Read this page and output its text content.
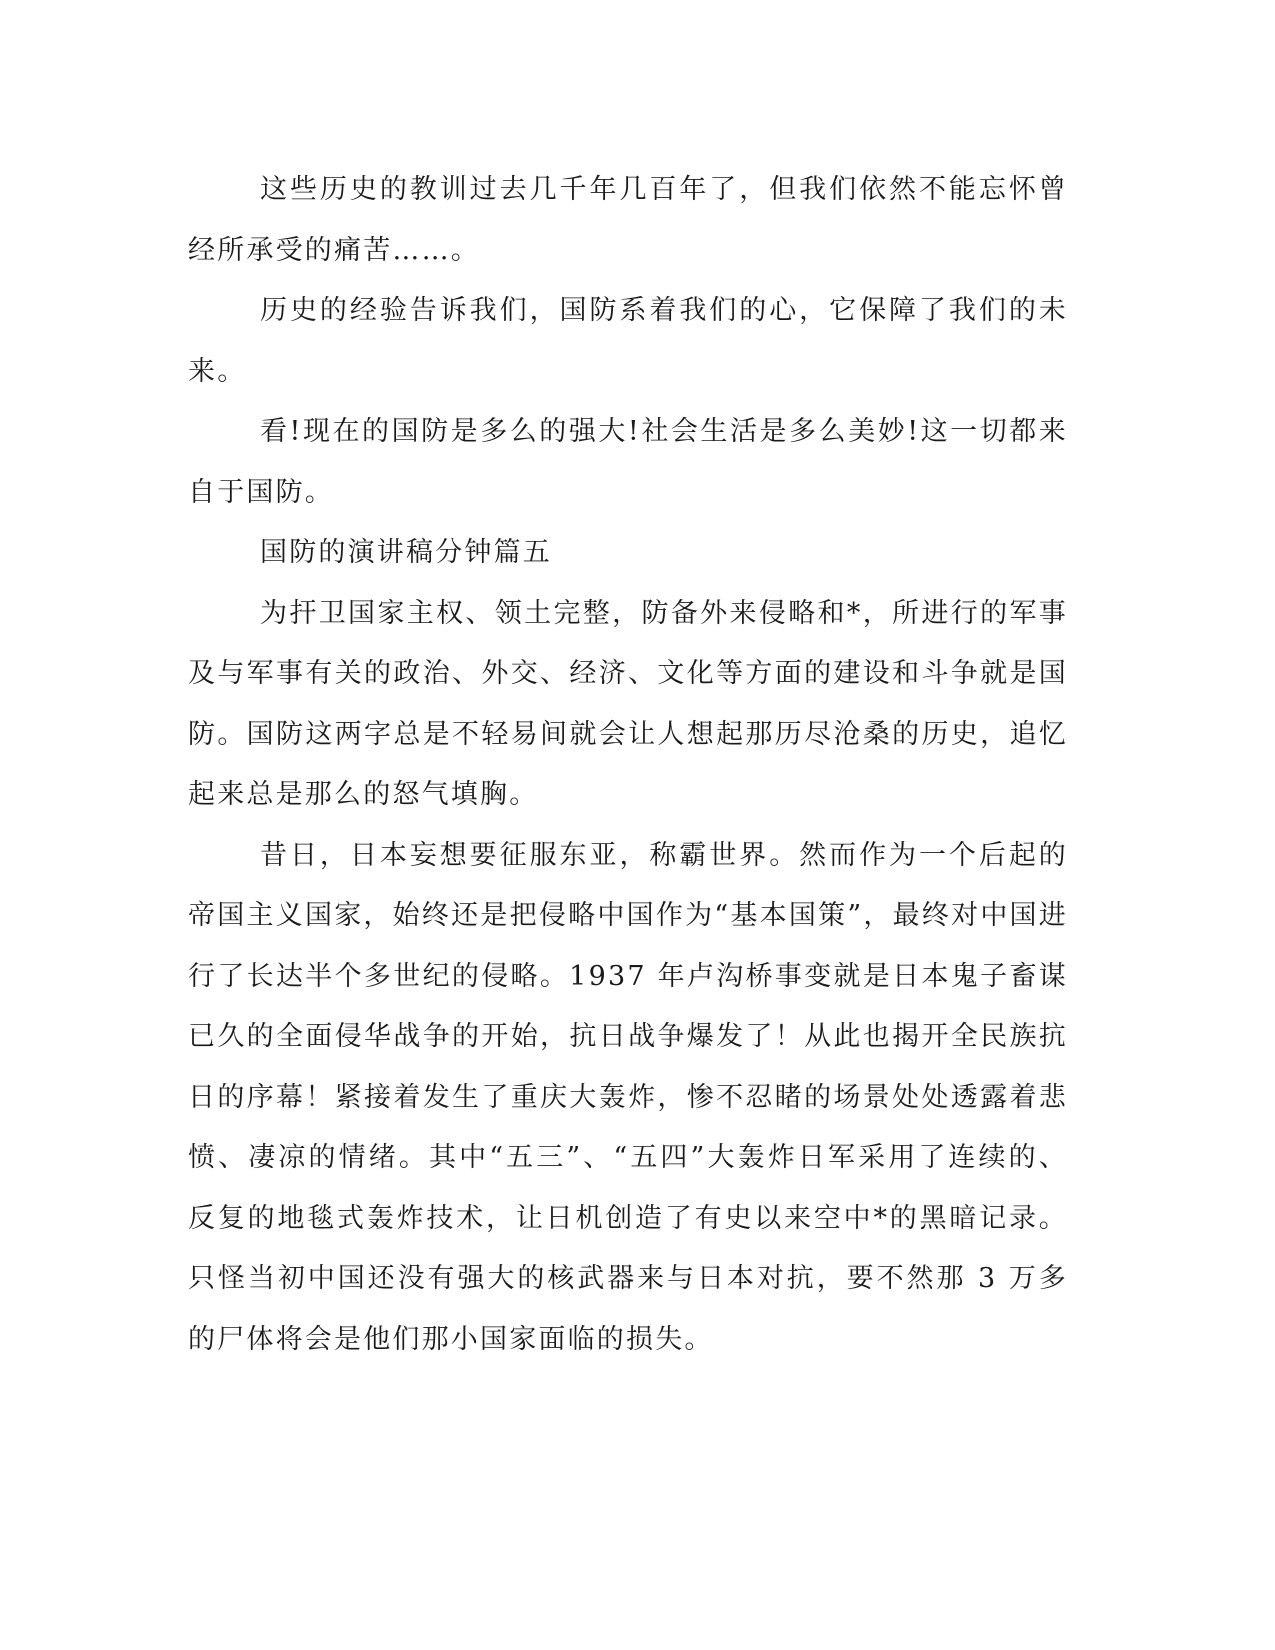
这些历史的教训过去几千年几百年了，但我们依然不能忘怀曾经所承受的痛苦……。

历史的经验告诉我们，国防系着我们的心，它保障了我们的未来。

看!现在的国防是多么的强大!社会生活是多么美妙!这一切都来自于国防。

国防的演讲稿分钟篇五

为扞卫国家主权、领土完整，防备外来侵略和*，所进行的军事及与军事有关的政治、外交、经济、文化等方面的建设和斗争就是国防。国防这两字总是不轻易间就会让人想起那历尽沧桑的历史，追忆起来总是那么的怒气填胸。

昔日，日本妄想要征服东亚，称霸世界。然而作为一个后起的帝国主义国家，始终还是把侵略中国作为“基本国策”，最终对中国进行了长达半个多世纪的侵略。1937 年卢沟桥事变就是日本鬼子畜谋已久的全面侵华战争的开始，抗日战争爆发了！从此也揭开全民族抗日的序幕！紧接着发生了重庆大轰炸，惨不忍睹的场景处处透露着悲愤、凄凉的情绪。其中“五三”、“五四”大轰炸日军采用了连续的、反复的地毯式轰炸技术，让日机创造了有史以来空中*的黑暗记录。只怪当初中国还没有强大的核武器来与日本对抗，要不然那 3 万多的尸体将会是他们那小国家面临的损失。
